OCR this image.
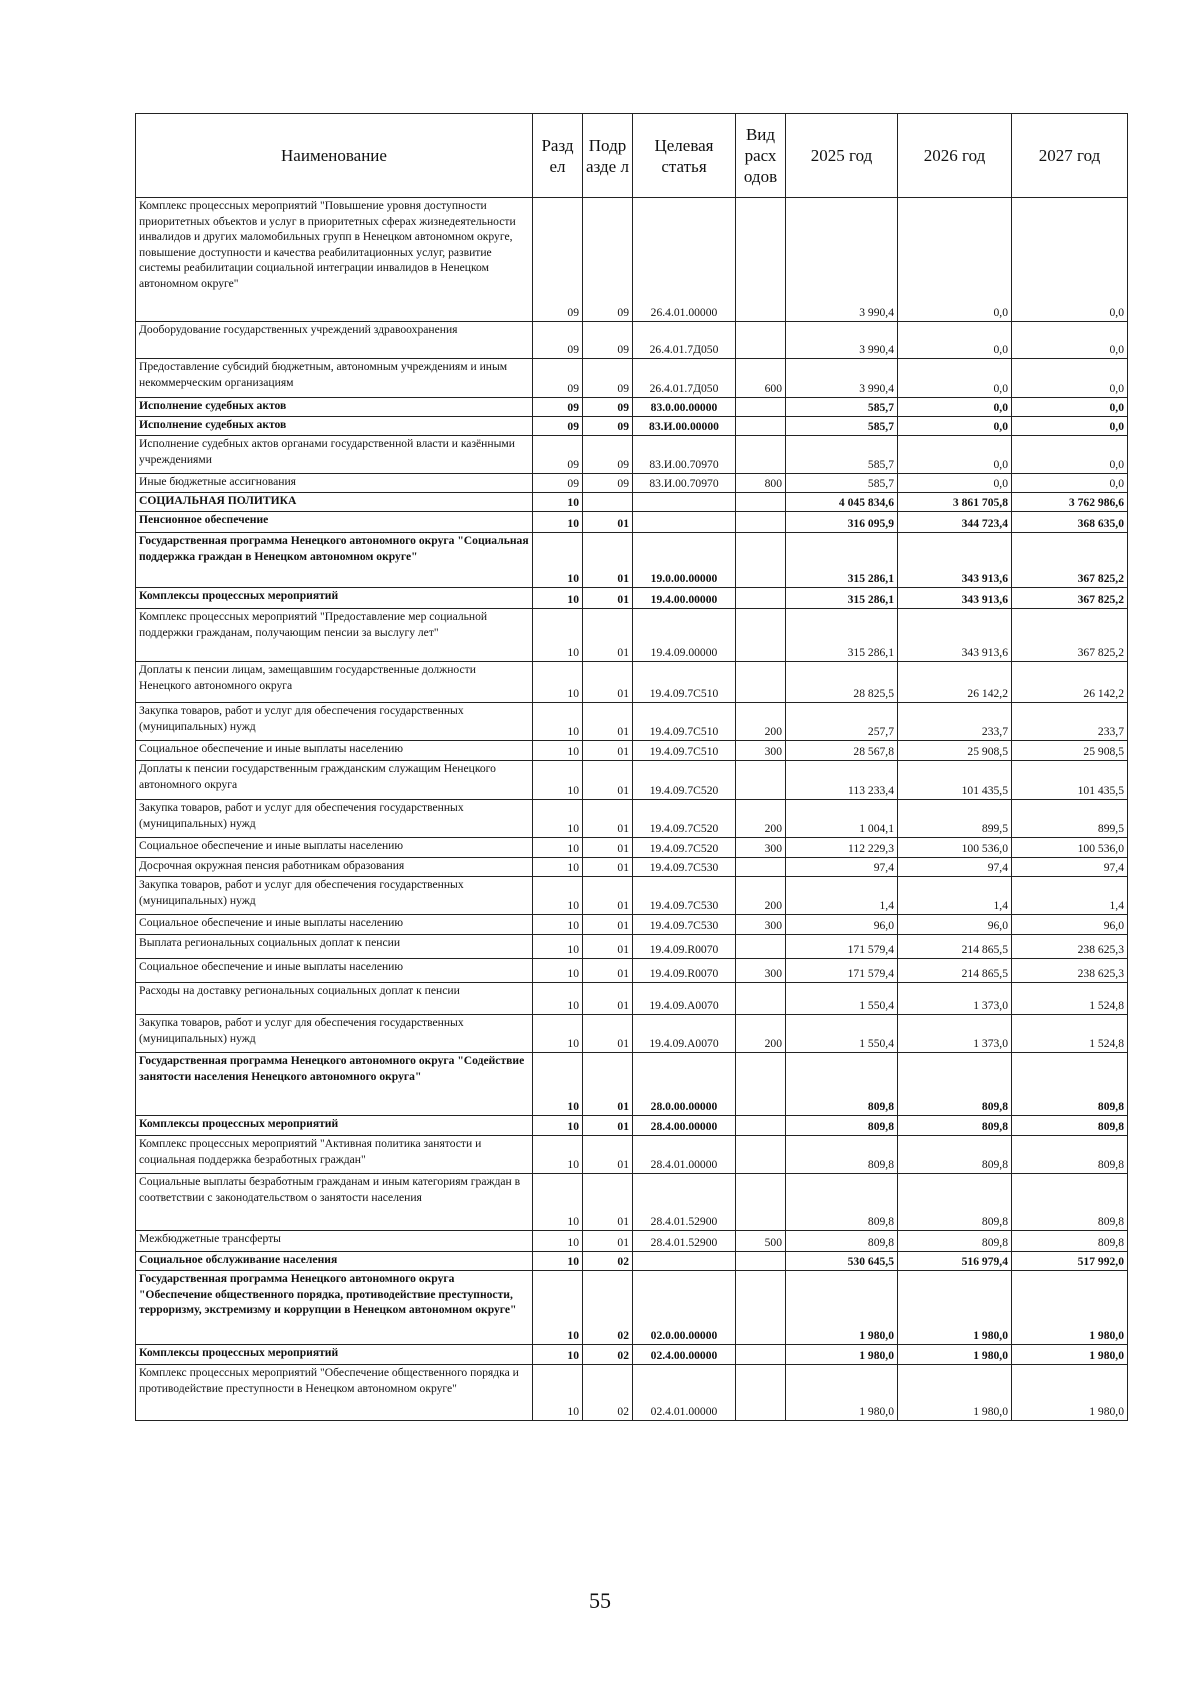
Наименование	Разд ел	Подр азде л	Целевая статья	Вид расх одов	2025 год	2026 год	2027 год
Комплекс процессных мероприятий "Повышение уровня доступности приоритетных объектов и услуг в приоритетных сферах жизнедеятельности инвалидов и других маломобильных групп в Ненецком автономном округе, повышение доступности и качества реабилитационных услуг, развитие системы реабилитации социальной интеграции инвалидов в Ненецком автономном округе"	09	09	26.4.01.00000		3 990,4	0,0	0,0
Дооборудование государственных учреждений здравоохранения	09	09	26.4.01.7Д050		3 990,4	0,0	0,0
Предоставление субсидий бюджетным, автономным учреждениям и иным некоммерческим организациям	09	09	26.4.01.7Д050	600	3 990,4	0,0	0,0
Исполнение судебных актов	09	09	83.0.00.00000		585,7	0,0	0,0
Исполнение судебных актов	09	09	83.И.00.00000		585,7	0,0	0,0
Исполнение судебных актов органами государственной власти и казёнными учреждениями	09	09	83.И.00.70970		585,7	0,0	0,0
Иные бюджетные ассигнования	09	09	83.И.00.70970	800	585,7	0,0	0,0
СОЦИАЛЬНАЯ ПОЛИТИКА	10				4 045 834,6	3 861 705,8	3 762 986,6
Пенсионное обеспечение	10	01			316 095,9	344 723,4	368 635,0
Государственная программа Ненецкого автономного округа "Социальная поддержка граждан в Ненецком автономном округе"	10	01	19.0.00.00000		315 286,1	343 913,6	367 825,2
Комплексы процессных мероприятий	10	01	19.4.00.00000		315 286,1	343 913,6	367 825,2
Комплекс процессных мероприятий "Предоставление мер социальной поддержки гражданам, получающим пенсии за выслугу лет"	10	01	19.4.09.00000		315 286,1	343 913,6	367 825,2
Доплаты к пенсии лицам, замещавшим государственные должности Ненецкого автономного округа	10	01	19.4.09.7С510		28 825,5	26 142,2	26 142,2
Закупка товаров, работ и услуг для обеспечения государственных (муниципальных) нужд	10	01	19.4.09.7С510	200	257,7	233,7	233,7
Социальное обеспечение и иные выплаты населению	10	01	19.4.09.7С510	300	28 567,8	25 908,5	25 908,5
Доплаты к пенсии государственным гражданским служащим Ненецкого автономного округа	10	01	19.4.09.7С520		113 233,4	101 435,5	101 435,5
Закупка товаров, работ и услуг для обеспечения государственных (муниципальных) нужд	10	01	19.4.09.7С520	200	1 004,1	899,5	899,5
Социальное обеспечение и иные выплаты населению	10	01	19.4.09.7С520	300	112 229,3	100 536,0	100 536,0
Досрочная окружная пенсия работникам образования	10	01	19.4.09.7С530		97,4	97,4	97,4
Закупка товаров, работ и услуг для обеспечения государственных (муниципальных) нужд	10	01	19.4.09.7С530	200	1,4	1,4	1,4
Социальное обеспечение и иные выплаты населению	10	01	19.4.09.7С530	300	96,0	96,0	96,0
Выплата региональных социальных доплат к пенсии	10	01	19.4.09.R0070		171 579,4	214 865,5	238 625,3
Социальное обеспечение и иные выплаты населению	10	01	19.4.09.R0070	300	171 579,4	214 865,5	238 625,3
Расходы на доставку региональных социальных доплат к пенсии	10	01	19.4.09.А0070		1 550,4	1 373,0	1 524,8
Закупка товаров, работ и услуг для обеспечения государственных (муниципальных) нужд	10	01	19.4.09.А0070	200	1 550,4	1 373,0	1 524,8
Государственная программа Ненецкого автономного округа "Содействие занятости населения Ненецкого автономного округа"	10	01	28.0.00.00000		809,8	809,8	809,8
Комплексы процессных мероприятий	10	01	28.4.00.00000		809,8	809,8	809,8
Комплекс процессных мероприятий "Активная политика занятости и социальная поддержка безработных граждан"	10	01	28.4.01.00000		809,8	809,8	809,8
Социальные выплаты безработным гражданам и иным категориям граждан в соответствии с законодательством о занятости населения	10	01	28.4.01.52900		809,8	809,8	809,8
Межбюджетные трансферты	10	01	28.4.01.52900	500	809,8	809,8	809,8
Социальное обслуживание населения	10	02			530 645,5	516 979,4	517 992,0
Государственная программа Ненецкого автономного округа "Обеспечение общественного порядка, противодействие преступности, терроризму, экстремизму и коррупции в Ненецком автономном округе"	10	02	02.0.00.00000		1 980,0	1 980,0	1 980,0
Комплексы процессных мероприятий	10	02	02.4.00.00000		1 980,0	1 980,0	1 980,0
Комплекс процессных мероприятий "Обеспечение общественного порядка и противодействие преступности в Ненецком автономном округе"	10	02	02.4.01.00000		1 980,0	1 980,0	1 980,0
55
